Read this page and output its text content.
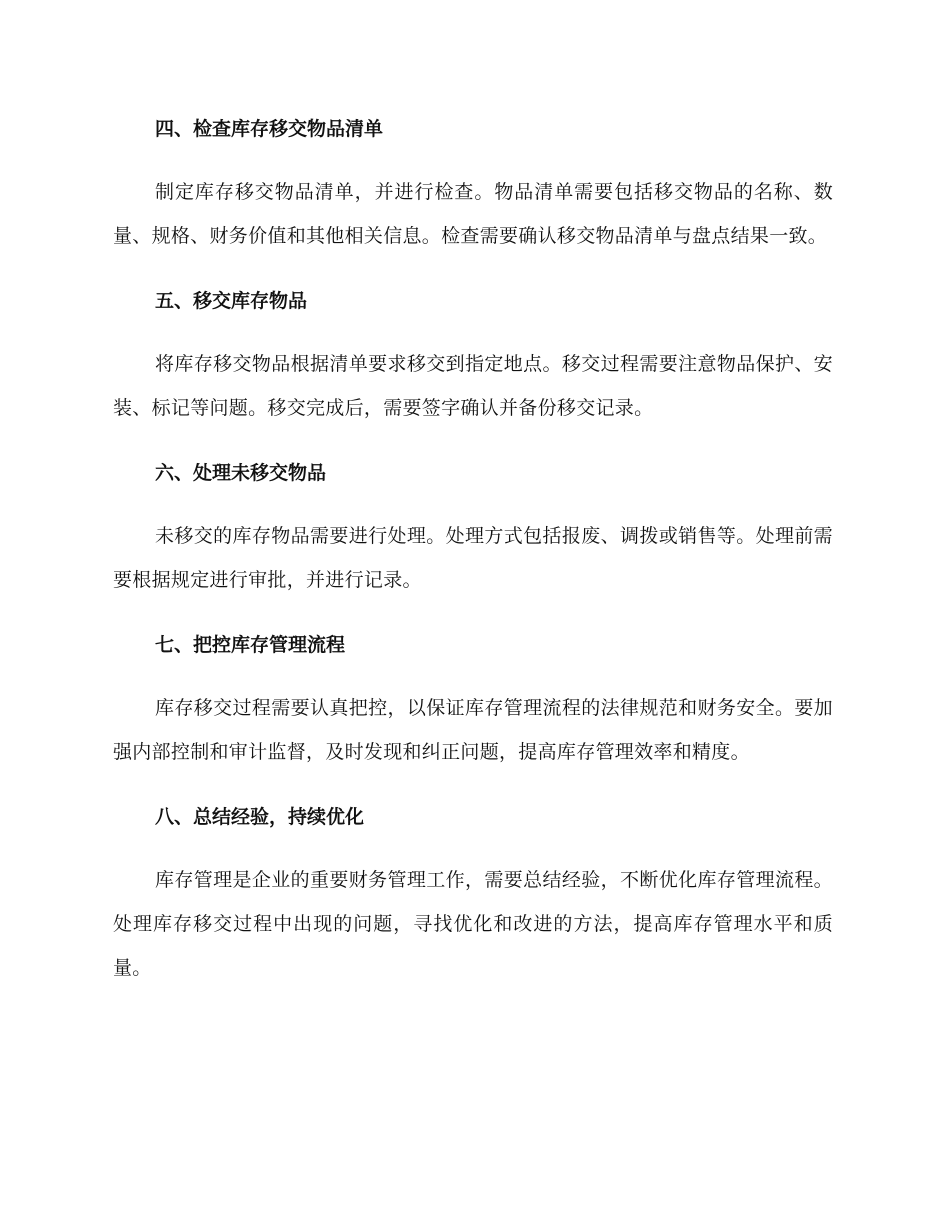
四、检查库存移交物品清单

制定库存移交物品清单，并进行检查。物品清单需要包括移交物品的名称、数量、规格、财务价值和其他相关信息。检查需要确认移交物品清单与盘点结果一致。

五、移交库存物品

将库存移交物品根据清单要求移交到指定地点。移交过程需要注意物品保护、安装、标记等问题。移交完成后，需要签字确认并备份移交记录。

六、处理未移交物品

未移交的库存物品需要进行处理。处理方式包括报废、调拨或销售等。处理前需要根据规定进行审批，并进行记录。

七、把控库存管理流程

库存移交过程需要认真把控，以保证库存管理流程的法律规范和财务安全。要加强内部控制和审计监督，及时发现和纠正问题，提高库存管理效率和精度。

八、总结经验，持续优化

库存管理是企业的重要财务管理工作，需要总结经验，不断优化库存管理流程。处理库存移交过程中出现的问题，寻找优化和改进的方法，提高库存管理水平和质量。
